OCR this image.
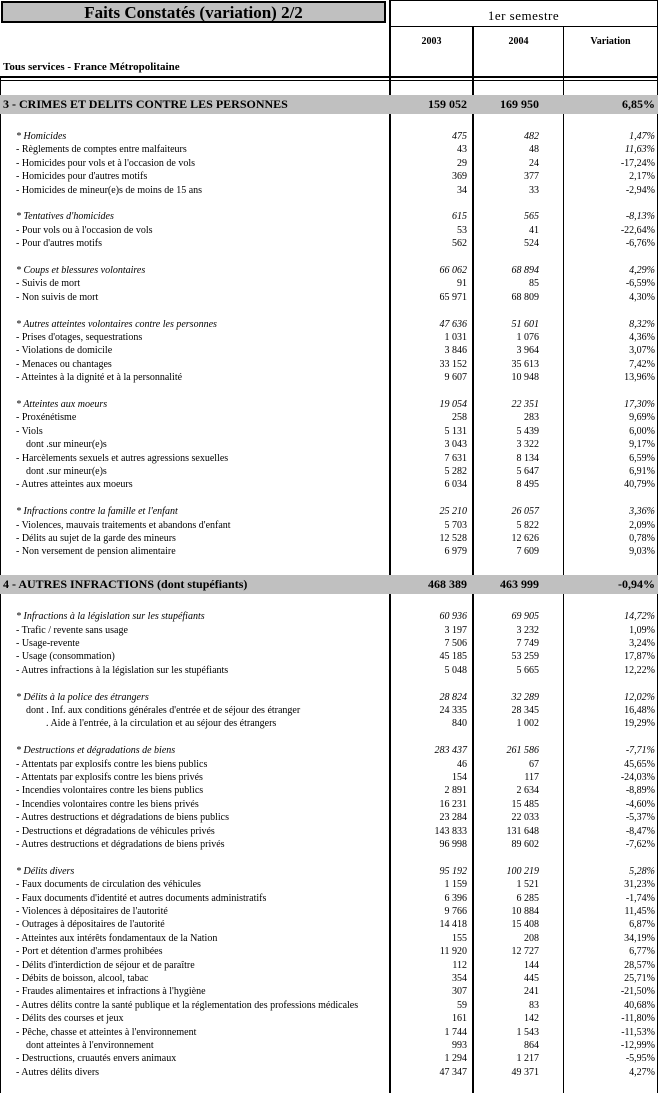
Faits Constatés (variation) 2/2	1er semestre
2003	2004	Variation
Tous services - France Métropolitaine
3 - CRIMES ET DELITS CONTRE LES PERSONNES	159 052	169 950	6,85%
* Homicides	475	482	1,47%
- Règlements de comptes entre malfaiteurs	43	48	11,63%
- Homicides pour vols et à l'occasion de vols	29	24	-17,24%
- Homicides pour d'autres motifs	369	377	2,17%
- Homicides de mineur(e)s de moins de 15 ans	34	33	-2,94%
* Tentatives d'homicides	615	565	-8,13%
- Pour vols ou à l'occasion de vols	53	41	-22,64%
- Pour d'autres motifs	562	524	-6,76%
* Coups et blessures volontaires	66 062	68 894	4,29%
- Suivis de mort	91	85	-6,59%
- Non suivis de mort	65 971	68 809	4,30%
* Autres atteintes volontaires contre les personnes	47 636	51 601	8,32%
- Prises d'otages, sequestrations	1 031	1 076	4,36%
- Violations de domicile	3 846	3 964	3,07%
- Menaces ou chantages	33 152	35 613	7,42%
- Atteintes à la dignité et à la personnalité	9 607	10 948	13,96%
* Atteintes aux moeurs	19 054	22 351	17,30%
- Proxénétisme	258	283	9,69%
- Viols	5 131	5 439	6,00%
dont .sur mineur(e)s	3 043	3 322	9,17%
- Harcèlements sexuels et autres agressions sexuelles	7 631	8 134	6,59%
dont .sur mineur(e)s	5 282	5 647	6,91%
- Autres atteintes aux moeurs	6 034	8 495	40,79%
* Infractions contre la famille et l'enfant	25 210	26 057	3,36%
- Violences, mauvais traitements et abandons d'enfant	5 703	5 822	2,09%
- Délits au sujet de la garde des mineurs	12 528	12 626	0,78%
- Non versement de pension alimentaire	6 979	7 609	9,03%
4 - AUTRES INFRACTIONS (dont stupéfiants)	468 389	463 999	-0,94%
* Infractions à la législation sur les stupéfiants	60 936	69 905	14,72%
- Trafic / revente sans usage	3 197	3 232	1,09%
- Usage-revente	7 506	7 749	3,24%
- Usage (consommation)	45 185	53 259	17,87%
- Autres infractions à la législation sur les stupéfiants	5 048	5 665	12,22%
* Délits à la police des étrangers	28 824	32 289	12,02%
dont . Inf. aux conditions générales d'entrée et de séjour des étranger	24 335	28 345	16,48%
. Aide à l'entrée, à la circulation et au séjour des étrangers	840	1 002	19,29%
* Destructions et dégradations de biens	283 437	261 586	-7,71%
- Attentats par explosifs contre les biens publics	46	67	45,65%
- Attentats par explosifs contre les biens privés	154	117	-24,03%
- Incendies volontaires contre les biens publics	2 891	2 634	-8,89%
- Incendies volontaires contre les biens privés	16 231	15 485	-4,60%
- Autres destructions et dégradations de biens publics	23 284	22 033	-5,37%
- Destructions et dégradations de véhicules privés	143 833	131 648	-8,47%
- Autres destructions et dégradations de biens privés	96 998	89 602	-7,62%
* Délits divers	95 192	100 219	5,28%
- Faux documents de circulation des véhicules	1 159	1 521	31,23%
- Faux documents d'identité et autres documents administratifs	6 396	6 285	-1,74%
- Violences à dépositaires de l'autorité	9 766	10 884	11,45%
- Outrages à dépositaires de l'autorité	14 418	15 408	6,87%
- Atteintes aux intérêts fondamentaux de la Nation	155	208	34,19%
- Port et détention d'armes prohibées	11 920	12 727	6,77%
- Délits d'interdiction de séjour et de paraître	112	144	28,57%
- Débits de boisson, alcool, tabac	354	445	25,71%
- Fraudes alimentaires et infractions à l'hygiène	307	241	-21,50%
- Autres délits contre la santé publique et la réglementation des professions médicales	59	83	40,68%
- Délits des courses et jeux	161	142	-11,80%
- Pêche, chasse et atteintes à l'environnement	1 744	1 543	-11,53%
dont atteintes à l'environnement	993	864	-12,99%
- Destructions, cruautés envers animaux	1 294	1 217	-5,95%
- Autres délits divers	47 347	49 371	4,27%
